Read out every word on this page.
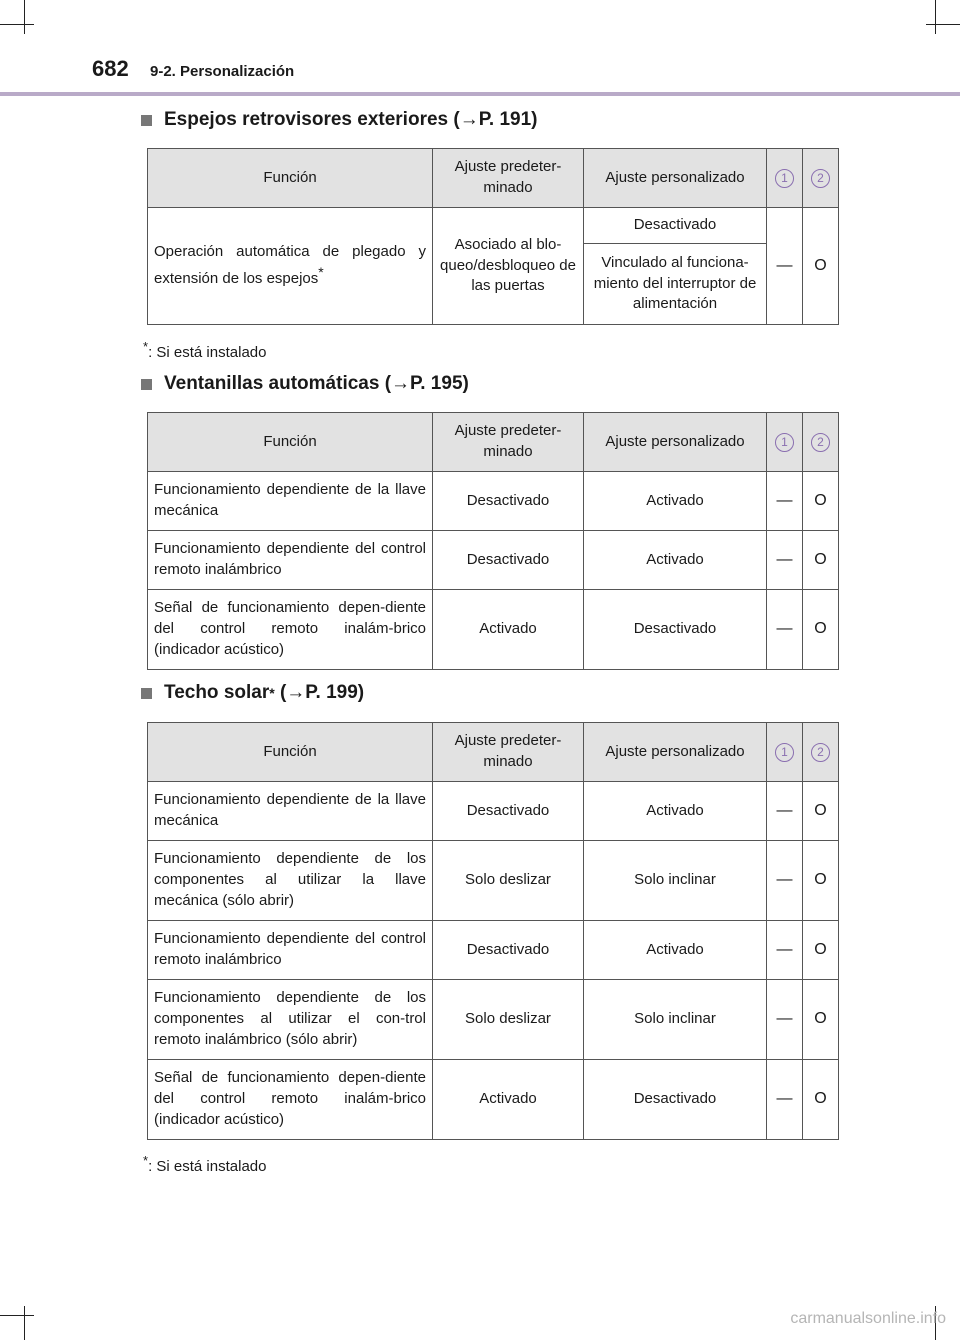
682 9-2. Personalización
Espejos retrovisores exteriores (→P. 191)
Función	Ajuste predeter-minado	Ajuste personalizado	1	2
Operación automática de plegado y extensión de los espejos*	Asociado al blo-queo/desbloqueo de las puertas	Desactivado	—	O
		Vinculado al funciona-miento del interruptor de alimentación		
*: Si está instalado
Ventanillas automáticas (→P. 195)
Función	Ajuste predeter-minado	Ajuste personalizado	1	2
Funcionamiento dependiente de la llave mecánica	Desactivado	Activado	—	O
Funcionamiento dependiente del control remoto inalámbrico	Desactivado	Activado	—	O
Señal de funcionamiento depen-diente del control remoto inalám-brico (indicador acústico)	Activado	Desactivado	—	O
Techo solar *
(→P. 199)
Función	Ajuste predeter-minado	Ajuste personalizado	1	2
Funcionamiento dependiente de la llave mecánica	Desactivado	Activado	—	O
Funcionamiento dependiente de los componentes al utilizar la llave mecánica (sólo abrir)	Solo deslizar	Solo inclinar	—	O
Funcionamiento dependiente del control remoto inalámbrico	Desactivado	Activado	—	O
Funcionamiento dependiente de los componentes al utilizar el con-trol remoto inalámbrico (sólo abrir)	Solo deslizar	Solo inclinar	—	O
Señal de funcionamiento depen-diente del control remoto inalám-brico (indicador acústico)	Activado	Desactivado	—	O
*: Si está instalado
carmanualsonline.info
